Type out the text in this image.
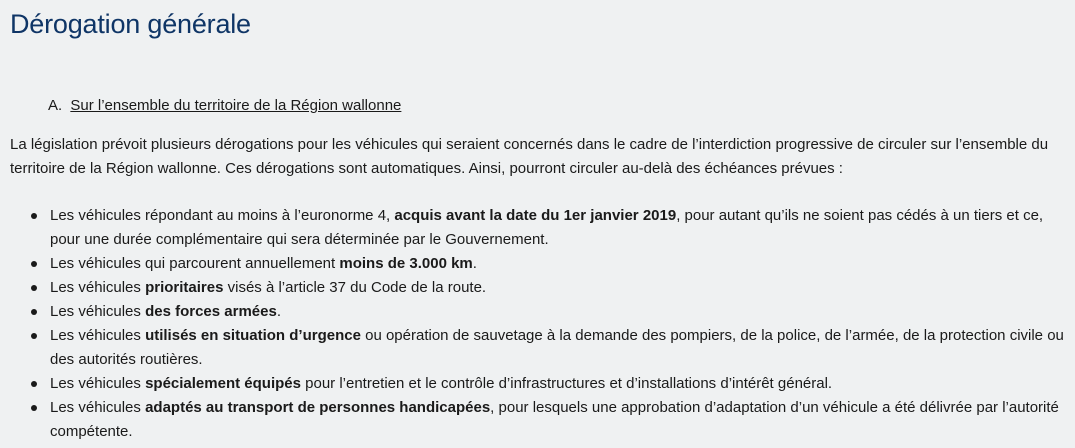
Dérogation générale
A. Sur l’ensemble du territoire de la Région wallonne

La législation prévoit plusieurs dérogations pour les véhicules qui seraient concernés dans le cadre de l’interdiction progressive de circuler sur l’ensemble du territoire de la Région wallonne. Ces dérogations sont automatiques. Ainsi, pourront circuler au-delà des échéances prévues :

Les véhicules répondant au moins à l’euronorme 4, acquis avant la date du 1er janvier 2019, pour autant qu’ils ne soient pas cédés à un tiers et ce, pour une durée complémentaire qui sera déterminée par le Gouvernement.
Les véhicules qui parcourent annuellement moins de 3.000 km.
Les véhicules prioritaires visés à l’article 37 du Code de la route.
Les véhicules des forces armées.
Les véhicules utilisés en situation d’urgence ou opération de sauvetage à la demande des pompiers, de la police, de l’armée, de la protection civile ou des autorités routières.
Les véhicules spécialement équipés pour l’entretien et le contrôle d’infrastructures et d’installations d’intérêt général.
Les véhicules adaptés au transport de personnes handicapées, pour lesquels une approbation d’adaptation d’un véhicule a été délivrée par l’autorité compétente.
